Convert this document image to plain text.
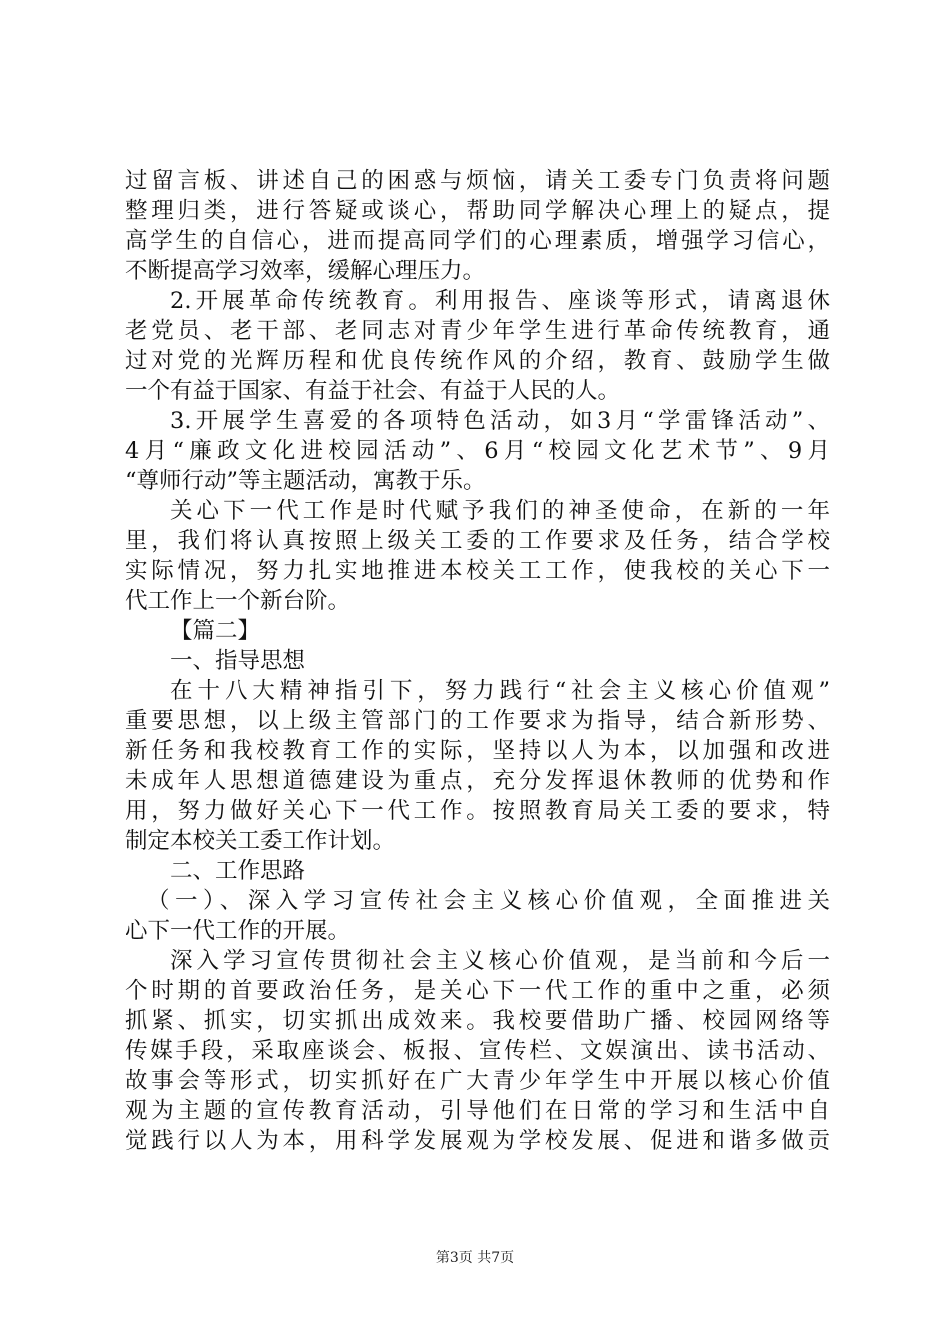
过留言板、讲述自己的困惑与烦恼，请关工委专门负责将问题
整理归类，进行答疑或谈心，帮助同学解决心理上的疑点，提
高学生的自信心，进而提高同学们的心理素质，增强学习信心，
不断提高学习效率，缓解心理压力。
2.开展革命传统教育。利用报告、座谈等形式，请离退休
老党员、老干部、老同志对青少年学生进行革命传统教育，通
过对党的光辉历程和优良传统作风的介绍，教育、鼓励学生做
一个有益于国家、有益于社会、有益于人民的人。
3.开展学生喜爱的各项特色活动，如3月“学雷锋活动”、
4月“廉政文化进校园活动”、6月“校园文化艺术节”、9月
“尊师行动”等主题活动，寓教于乐。
关心下一代工作是时代赋予我们的神圣使命，在新的一年
里，我们将认真按照上级关工委的工作要求及任务，结合学校
实际情况，努力扎实地推进本校关工工作，使我校的关心下一
代工作上一个新台阶。
【篇二】
一、指导思想
在十八大精神指引下，努力践行“社会主义核心价值观”
重要思想，以上级主管部门的工作要求为指导，结合新形势、
新任务和我校教育工作的实际，坚持以人为本，以加强和改进
未成年人思想道德建设为重点，充分发挥退休教师的优势和作
用，努力做好关心下一代工作。按照教育局关工委的要求，特
制定本校关工委工作计划。
二、工作思路
（一）、深入学习宣传社会主义核心价值观，全面推进关
心下一代工作的开展。
深入学习宣传贯彻社会主义核心价值观，是当前和今后一
个时期的首要政治任务，是关心下一代工作的重中之重，必须
抓紧、抓实，切实抓出成效来。我校要借助广播、校园网络等
传媒手段，采取座谈会、板报、宣传栏、文娱演出、读书活动、
故事会等形式，切实抓好在广大青少年学生中开展以核心价值
观为主题的宣传教育活动，引导他们在日常的学习和生活中自
觉践行以人为本，用科学发展观为学校发展、促进和谐多做贡
第3页 共7页
